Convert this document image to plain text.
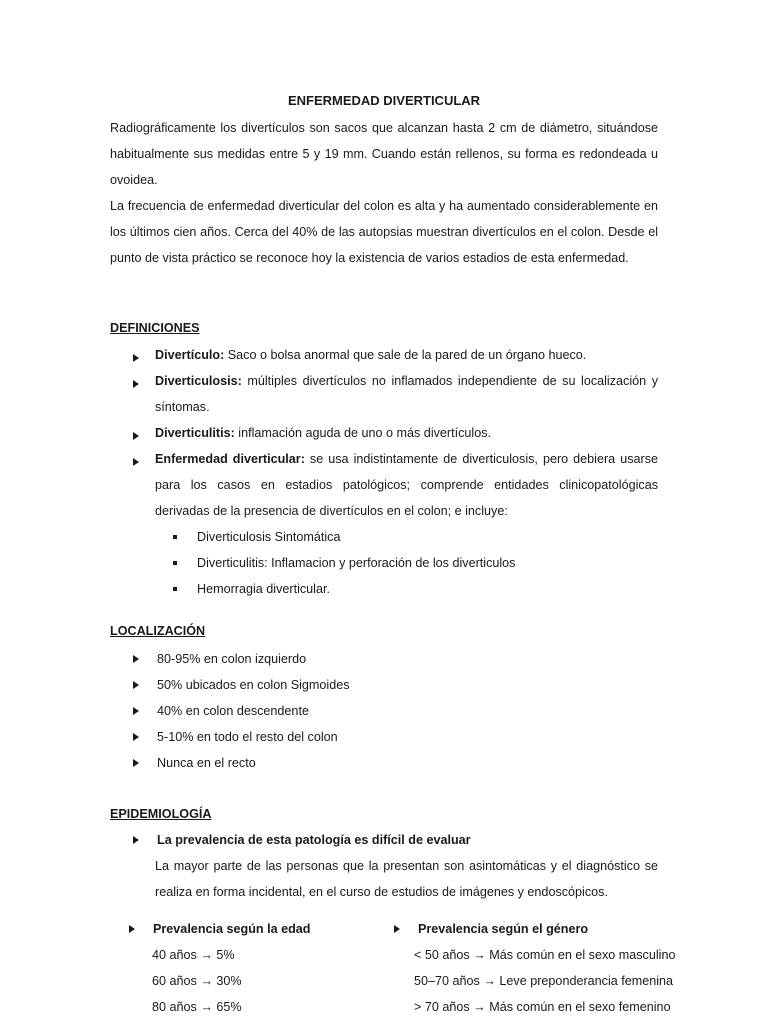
ENFERMEDAD DIVERTICULAR

Radiográficamente los divertículos son sacos que alcanzan hasta 2 cm de diámetro, situándose habitualmente sus medidas entre 5 y 19 mm. Cuando están rellenos, su forma es redondeada u ovoidea.

La frecuencia de enfermedad diverticular del colon es alta y ha aumentado considerablemente en los últimos cien años. Cerca del 40% de las autopsias muestran divertículos en el colon. Desde el punto de vista práctico se reconoce hoy la existencia de varios estadios de esta enfermedad.

DEFINICIONES

Divertículo: Saco o bolsa anormal que sale de la pared de un órgano hueco.

Diverticulosis: múltiples divertículos no inflamados independiente de su localización y síntomas.

Diverticulitis: inflamación aguda de uno o más divertículos.

Enfermedad diverticular: se usa indistintamente de diverticulosis, pero debiera usarse para los casos en estadios patológicos; comprende entidades clinicopatológicas derivadas de la presencia de divertículos en el colon; e incluye:

Diverticulosis Sintomática
Diverticulitis: Inflamacion y perforación de los diverticulos
Hemorragia diverticular.
LOCALIZACIÓN
80-95% en colon izquierdo
50% ubicados en colon Sigmoides
40% en colon descendente
5-10% en todo el resto del colon
Nunca en el recto
EPIDEMIOLOGÍA
La prevalencia de esta patología es difícil de evaluar

La mayor parte de las personas que la presentan son asintomáticas y el diagnóstico se realiza en forma incidental, en el curso de estudios de imágenes y endoscópicos.

Prevalencia según la edad
40 años → 5%
60 años → 30%
80 años → 65%
Prevalencia según el género
< 50 años → Más común en el sexo masculino
50–70 años → Leve preponderancia femenina
> 70 años → Más común en el sexo femenino
